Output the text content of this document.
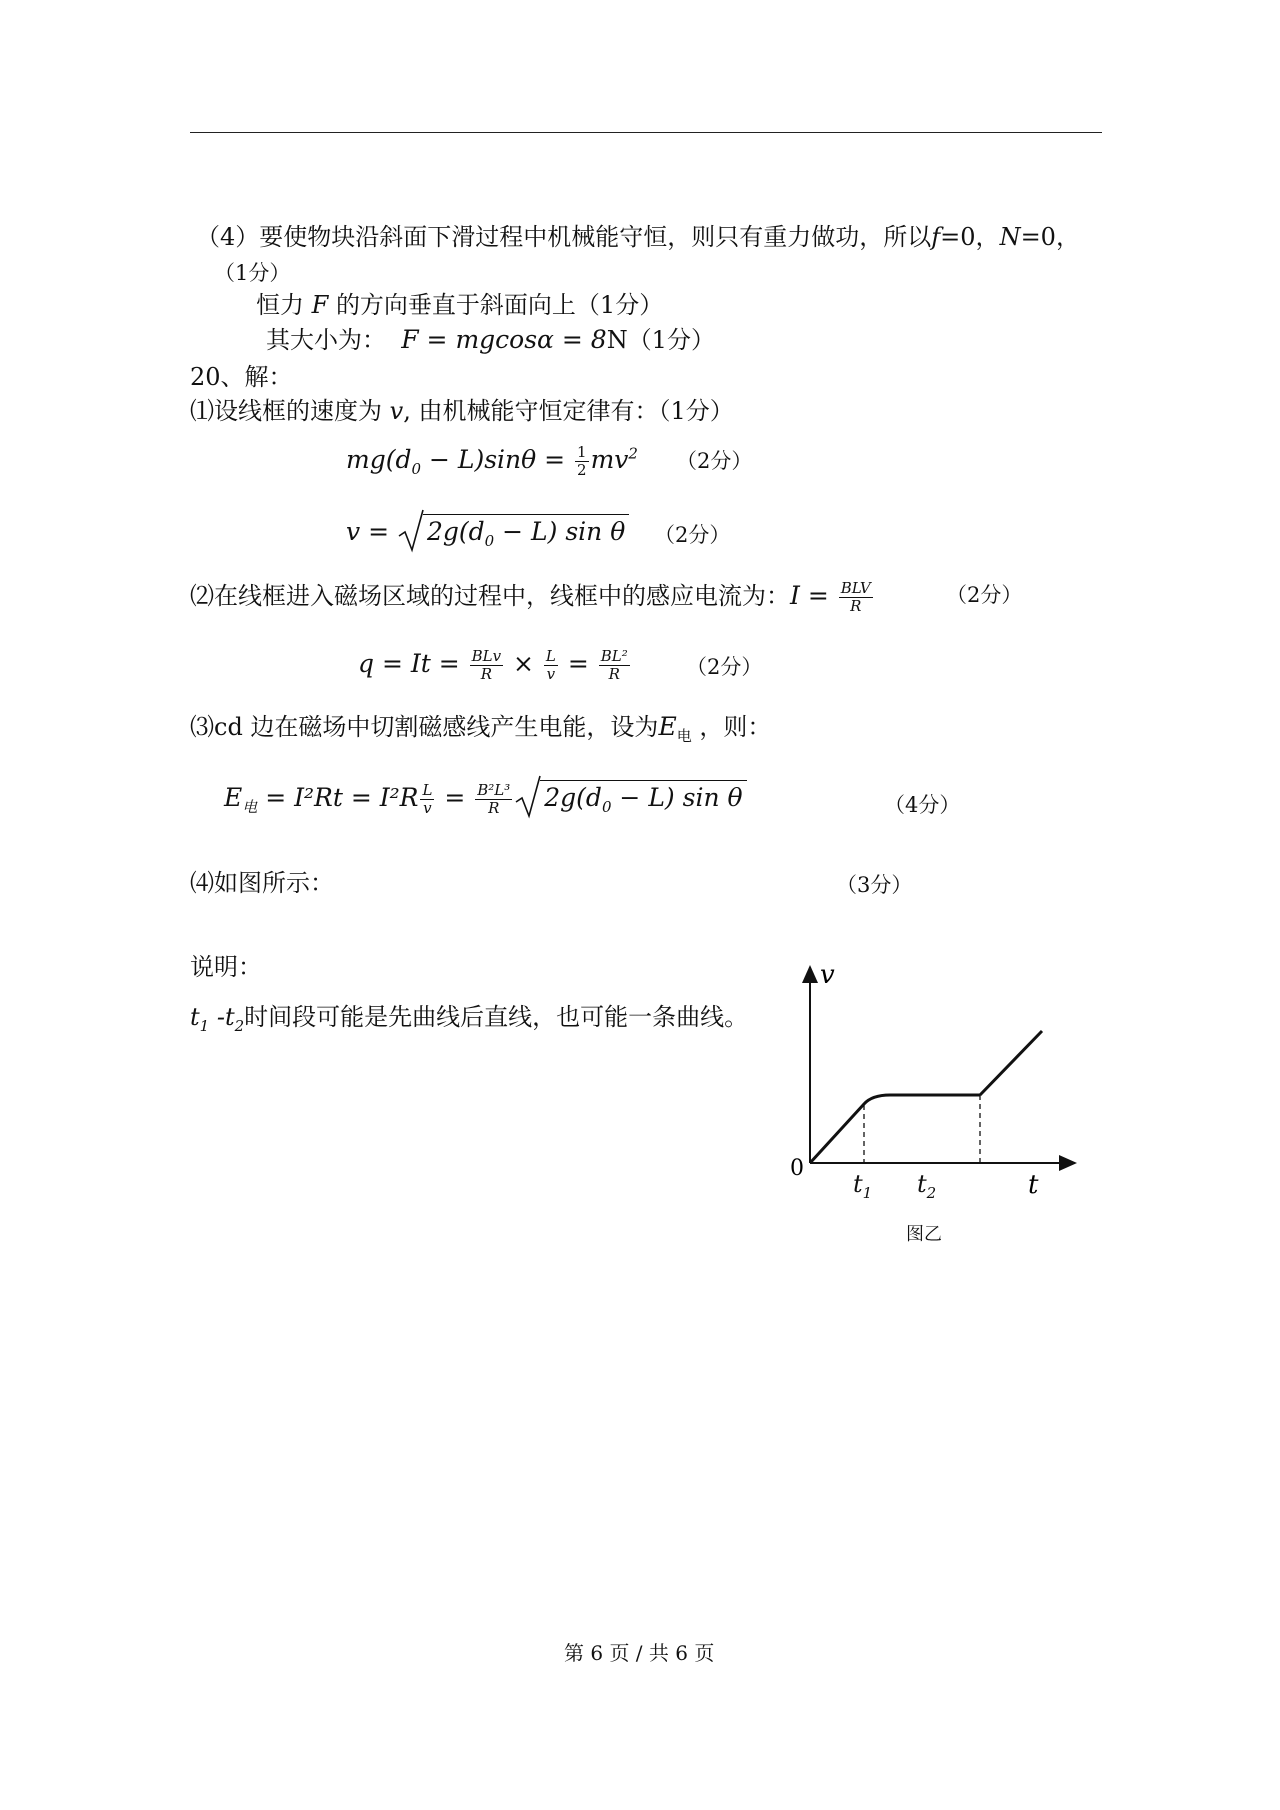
（4）要使物块沿斜面下滑过程中机械能守恒，则只有重力做功，所以f=0，N=0，
（1分）
恒力 F 的方向垂直于斜面向上（1分）
其大小为： F = mgcosα = 8N（1分）
20、解：
⑴设线框的速度为 v, 由机械能守恒定律有：（1分）
$mg(d_0 - L)\sin\theta = \frac{1}{2} mv^2$ （2分）
v =
$2g(d_0 - L)$ sin θ （2分）
⑵在线框进入磁场区域的过程中，线框中的感应电流为：$I = \frac{\text{BLV}}{R}$	（2分）
$q = It = \frac{\text{BLv}}{R} \times \frac{L}{v} = \frac{\text{BL²}}{R}$	（2分）
⑶cd 边在磁场中切割磁感线产生电能，设为$E_电$ ，则：
$E_电 = I^2Rt = I^2R \frac{L}{v} = \frac{\text{B²L³}}{R} 2g(d_0 - L)$ sin θ	（4分）
⑷如图所示：	（3分）
说明：
$t_1$ $-t_2$时间段可能是先曲线后直线，也可能一条曲线。
v
t
0
$t_1$ $t_2$
图乙
第 6 页 / 共 6 页
